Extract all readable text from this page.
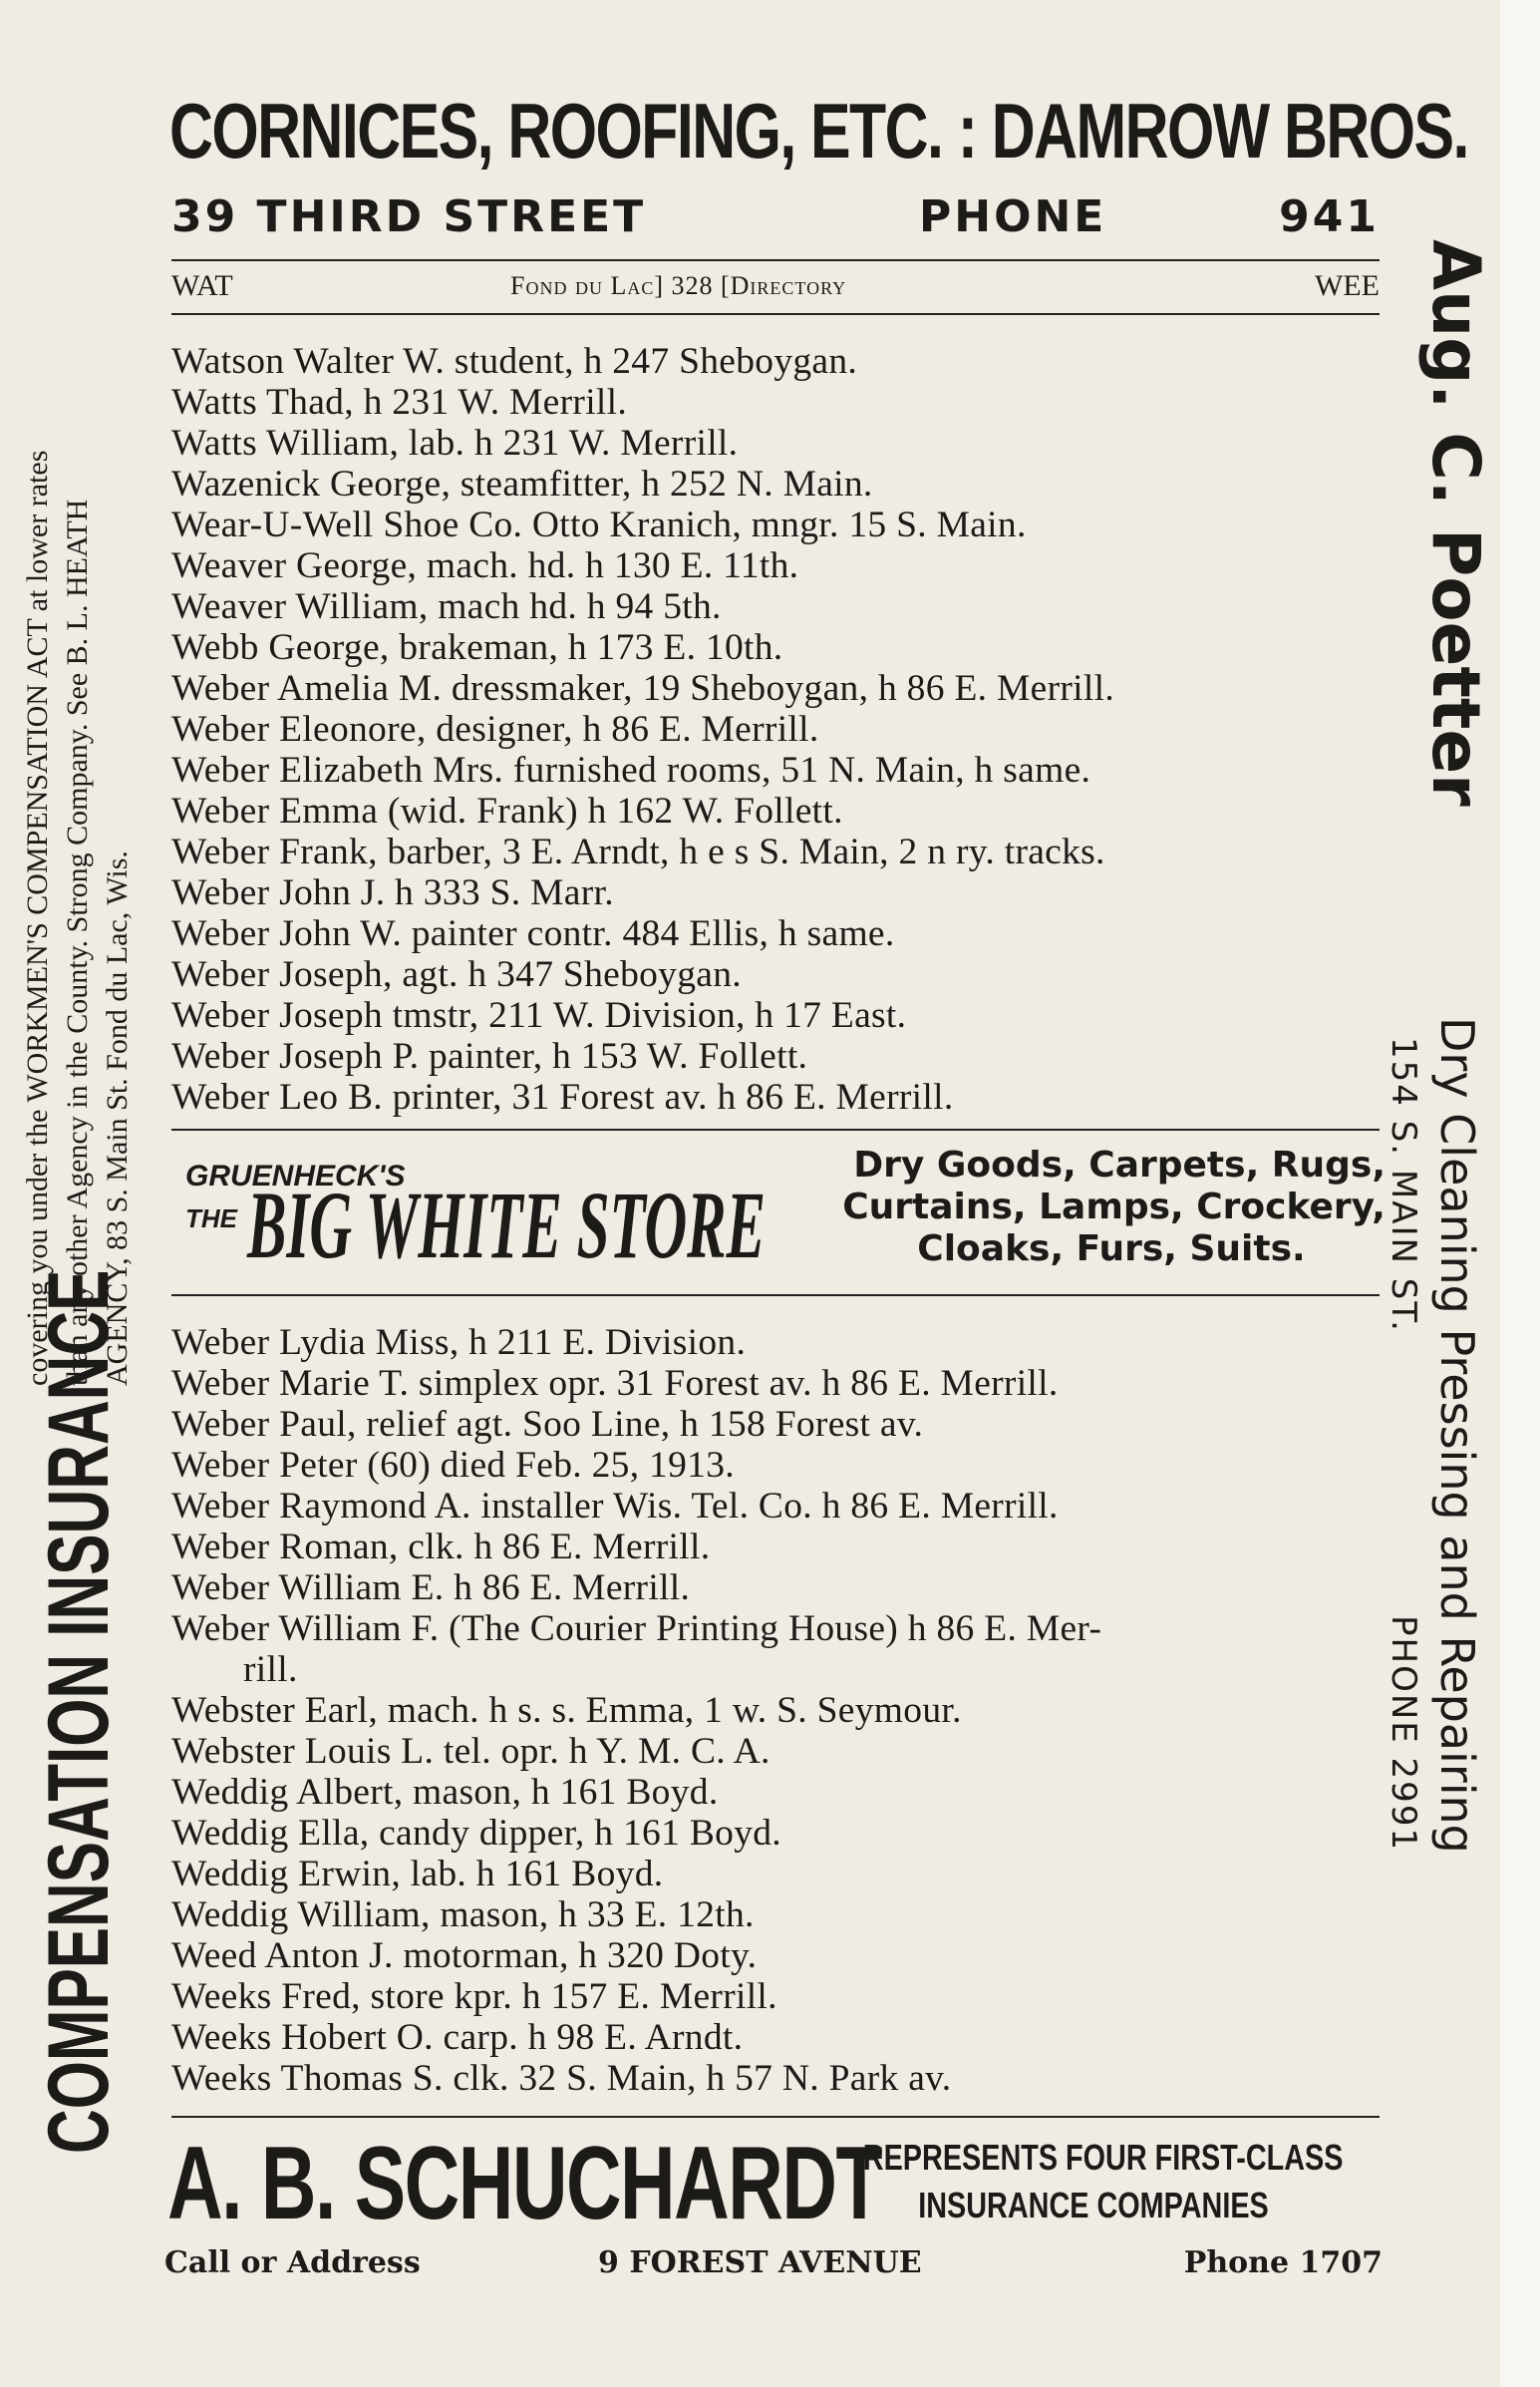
CORNICES, ROOFING, ETC. : DAMROW BROS.
39 THIRD STREET	PHONE	941
WAT	Fond du Lac] 328 [Directory	WEE
Watson Walter W. student, h 247 Sheboygan.
Watts Thad, h 231 W. Merrill.
Watts William, lab. h 231 W. Merrill.
Wazenick George, steamfitter, h 252 N. Main.
Wear-U-Well Shoe Co. Otto Kranich, mngr. 15 S. Main.
Weaver George, mach. hd. h 130 E. 11th.
Weaver William, mach hd. h 94 5th.
Webb George, brakeman, h 173 E. 10th.
Weber Amelia M. dressmaker, 19 Sheboygan, h 86 E. Merrill.
Weber Eleonore, designer, h 86 E. Merrill.
Weber Elizabeth Mrs. furnished rooms, 51 N. Main, h same.
Weber Emma (wid. Frank) h 162 W. Follett.
Weber Frank, barber, 3 E. Arndt, h e s S. Main, 2 n ry. tracks.
Weber John J. h 333 S. Marr.
Weber John W. painter contr. 484 Ellis, h same.
Weber Joseph, agt. h 347 Sheboygan.
Weber Joseph tmstr, 211 W. Division, h 17 East.
Weber Joseph P. painter, h 153 W. Follett.
Weber Leo B. printer, 31 Forest av. h 86 E. Merrill.
GRUENHECK'S
THE BIG WHITE STORE
Dry Goods, Carpets, Rugs,
Curtains, Lamps, Crockery,
Cloaks, Furs, Suits.
Weber Lydia Miss, h 211 E. Division.
Weber Marie T. simplex opr. 31 Forest av. h 86 E. Merrill.
Weber Paul, relief agt. Soo Line, h 158 Forest av.
Weber Peter (60) died Feb. 25, 1913.
Weber Raymond A. installer Wis. Tel. Co. h 86 E. Merrill.
Weber Roman, clk. h 86 E. Merrill.
Weber William E. h 86 E. Merrill.
Weber William F. (The Courier Printing House) h 86 E. Mer-
rill.
Webster Earl, mach. h s. s. Emma, 1 w. S. Seymour.
Webster Louis L. tel. opr. h Y. M. C. A.
Weddig Albert, mason, h 161 Boyd.
Weddig Ella, candy dipper, h 161 Boyd.
Weddig Erwin, lab. h 161 Boyd.
Weddig William, mason, h 33 E. 12th.
Weed Anton J. motorman, h 320 Doty.
Weeks Fred, store kpr. h 157 E. Merrill.
Weeks Hobert O. carp. h 98 E. Arndt.
Weeks Thomas S. clk. 32 S. Main, h 57 N. Park av.
A. B. SCHUCHARDT
REPRESENTS FOUR FIRST-CLASS
INSURANCE COMPANIES
Call or Address	9 FOREST AVENUE	Phone 1707
COMPENSATION INSURANCE
covering you under the WORKMEN'S COMPENSATION ACT at lower rates than any other Agency in the County. Strong Company. See B. L. HEATH AGENCY, 83 S. Main St. Fond du Lac, Wis.
Aug. C. Poetter
Dry Cleaning Pressing and Repairing
154 S. MAIN ST.
PHONE 2991
